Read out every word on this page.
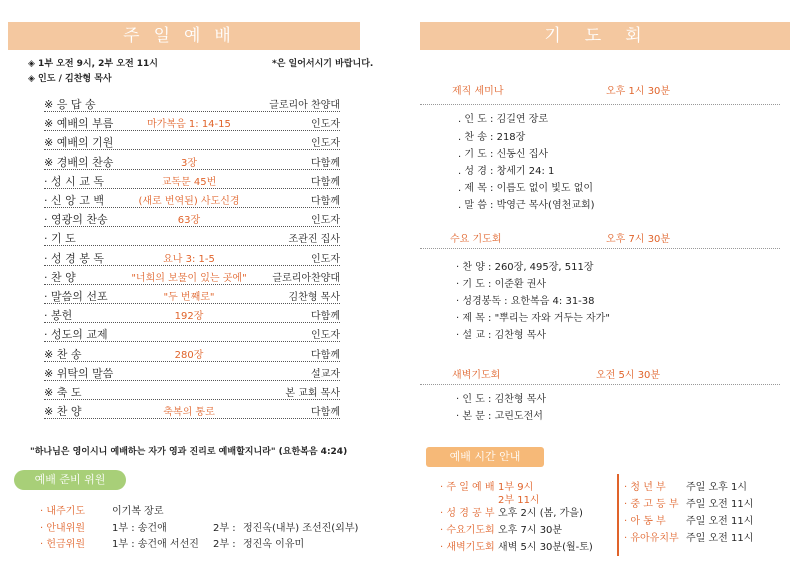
주일예배
◈ 1부 오전 9시, 2부 오전 11시	*은 일어서시기 바랍니다.
◈ 인도 / 김찬형 목사
※ 응 답 송	글로리아 찬양대
※ 예배의 부름	마가복음 1: 14-15	인도자
※ 예배의 기원	인도자
※ 경배의 찬송	3장	다함께
· 성 시 교 독	교독문 45번	다함께
· 신 앙 고 백	(새로 번역된) 사도신경	다함께
· 영광의 찬송	63장	인도자
· 기 도	조관진 집사
· 성 경 봉 독	요나 3: 1-5	인도자
· 찬 양	"너희의 보물이 있는 곳에"	글로리아찬양대
· 말씀의 선포	"두 번째로"	김찬형 목사
· 봉헌	192장	다함께
· 성도의 교제	인도자
※ 찬 송	280장	다함께
※ 위탁의 말씀	설교자
※ 축 도	본 교회 목사
※ 찬 양	축복의 통로	다함께
"하나님은 영이시니 예배하는 자가 영과 진리로 예배할지니라" (요한복음 4:24)
예배 준비 위원
· 내주기도	이기복 장로
· 안내위원	1부 : 송건애	2부 : 정진옥(내부) 조선진(외부)
· 헌금위원	1부 : 송건애 서선진 2부 : 정진옥 이유미
기도회
제직 세미나	오후 1시 30분
. 인 도 : 김길연 장로
. 찬 송 : 218장
. 기 도 : 신동신 집사
. 성 경 : 창세기 24: 1
. 제 목 : 이름도 없이 빛도 없이
. 말 씀 : 박영근 목사(염천교회)
수요 기도회	오후 7시 30분
· 찬 양 : 260장, 495장, 511장
· 기 도 : 이준환 권사
· 성경봉독 : 요한복음 4: 31-38
· 제 목 : "뿌리는 자와 거두는 자가"
· 설 교 : 김찬형 목사
새벽기도회	오전 5시 30분
· 인 도 : 김찬형 목사
· 본 문 : 고린도전서
예배 시간 안내
· 주 일 예 배 1부 9시
2부 11시
· 성 경 공 부 오후 2시 (봄, 가을)
· 수요기도회 오후 7시 30분
· 새벽기도회 새벽 5시 30분(월-토)
· 청 년 부 주일 오후 1시
· 중 고 등 부 주일 오전 11시
· 아 동 부 주일 오전 11시
· 유아유치부 주일 오전 11시
